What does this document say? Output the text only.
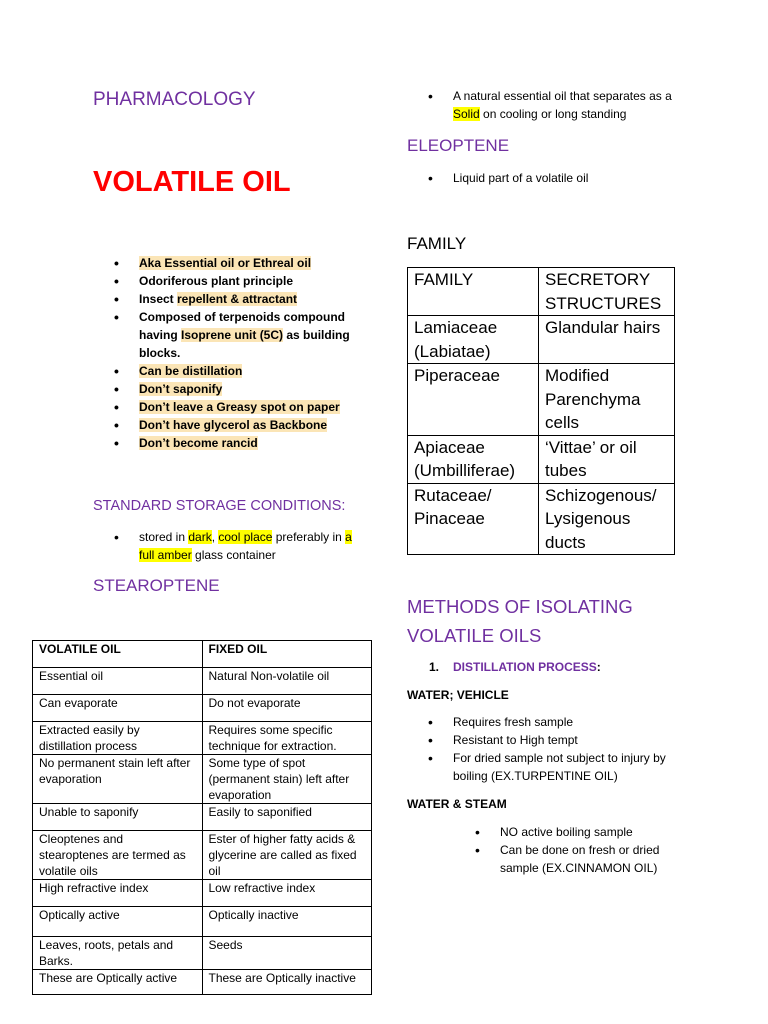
PHARMACOLOGY
VOLATILE OIL
• Aka Essential oil or Ethreal oil
• Odoriferous plant principle
• Insect repellent & attractant
• Composed of terpenoids compound having Isoprene unit (5C) as building blocks.
• Can be distillation
• Don’t saponify
• Don’t leave a Greasy spot on paper
• Don’t have glycerol as Backbone
• Don’t become rancid
STANDARD STORAGE CONDITIONS:
• stored in dark, cool place preferably in a full amber glass container
STEAROPTENE
VOLATILE OIL	FIXED OIL
Essential oil	Natural Non-volatile oil
Can evaporate	Do not evaporate
Extracted easily by distillation process	Requires some specific technique for extraction.
No permanent stain left after evaporation	Some type of spot (permanent stain) left after evaporation
Unable to saponify	Easily to saponified
Cleoptenes and stearoptenes are termed as volatile oils	Ester of higher fatty acids & glycerine are called as fixed oil
High refractive index	Low refractive index
Optically active	Optically inactive
Leaves, roots, petals and Barks.	Seeds
These are Optically active	These are Optically inactive
• A natural essential oil that separates as a Solid on cooling or long standing
ELEOPTENE
• Liquid part of a volatile oil
FAMILY
FAMILY	SECRETORY STRUCTURES
Lamiaceae (Labiatae)	Glandular hairs
Piperaceae	Modified Parenchyma cells
Apiaceae (Umbilliferae)	‘Vittae’ or oil tubes
Rutaceae/ Pinaceae	Schizogenous/ Lysigenous ducts
METHODS OF ISOLATING VOLATILE OILS
1. DISTILLATION PROCESS:
WATER; VEHICLE
• Requires fresh sample
• Resistant to High tempt
• For dried sample not subject to injury by boiling (EX.TURPENTINE OIL)
WATER & STEAM
• NO active boiling sample
• Can be done on fresh or dried sample (EX.CINNAMON OIL)
